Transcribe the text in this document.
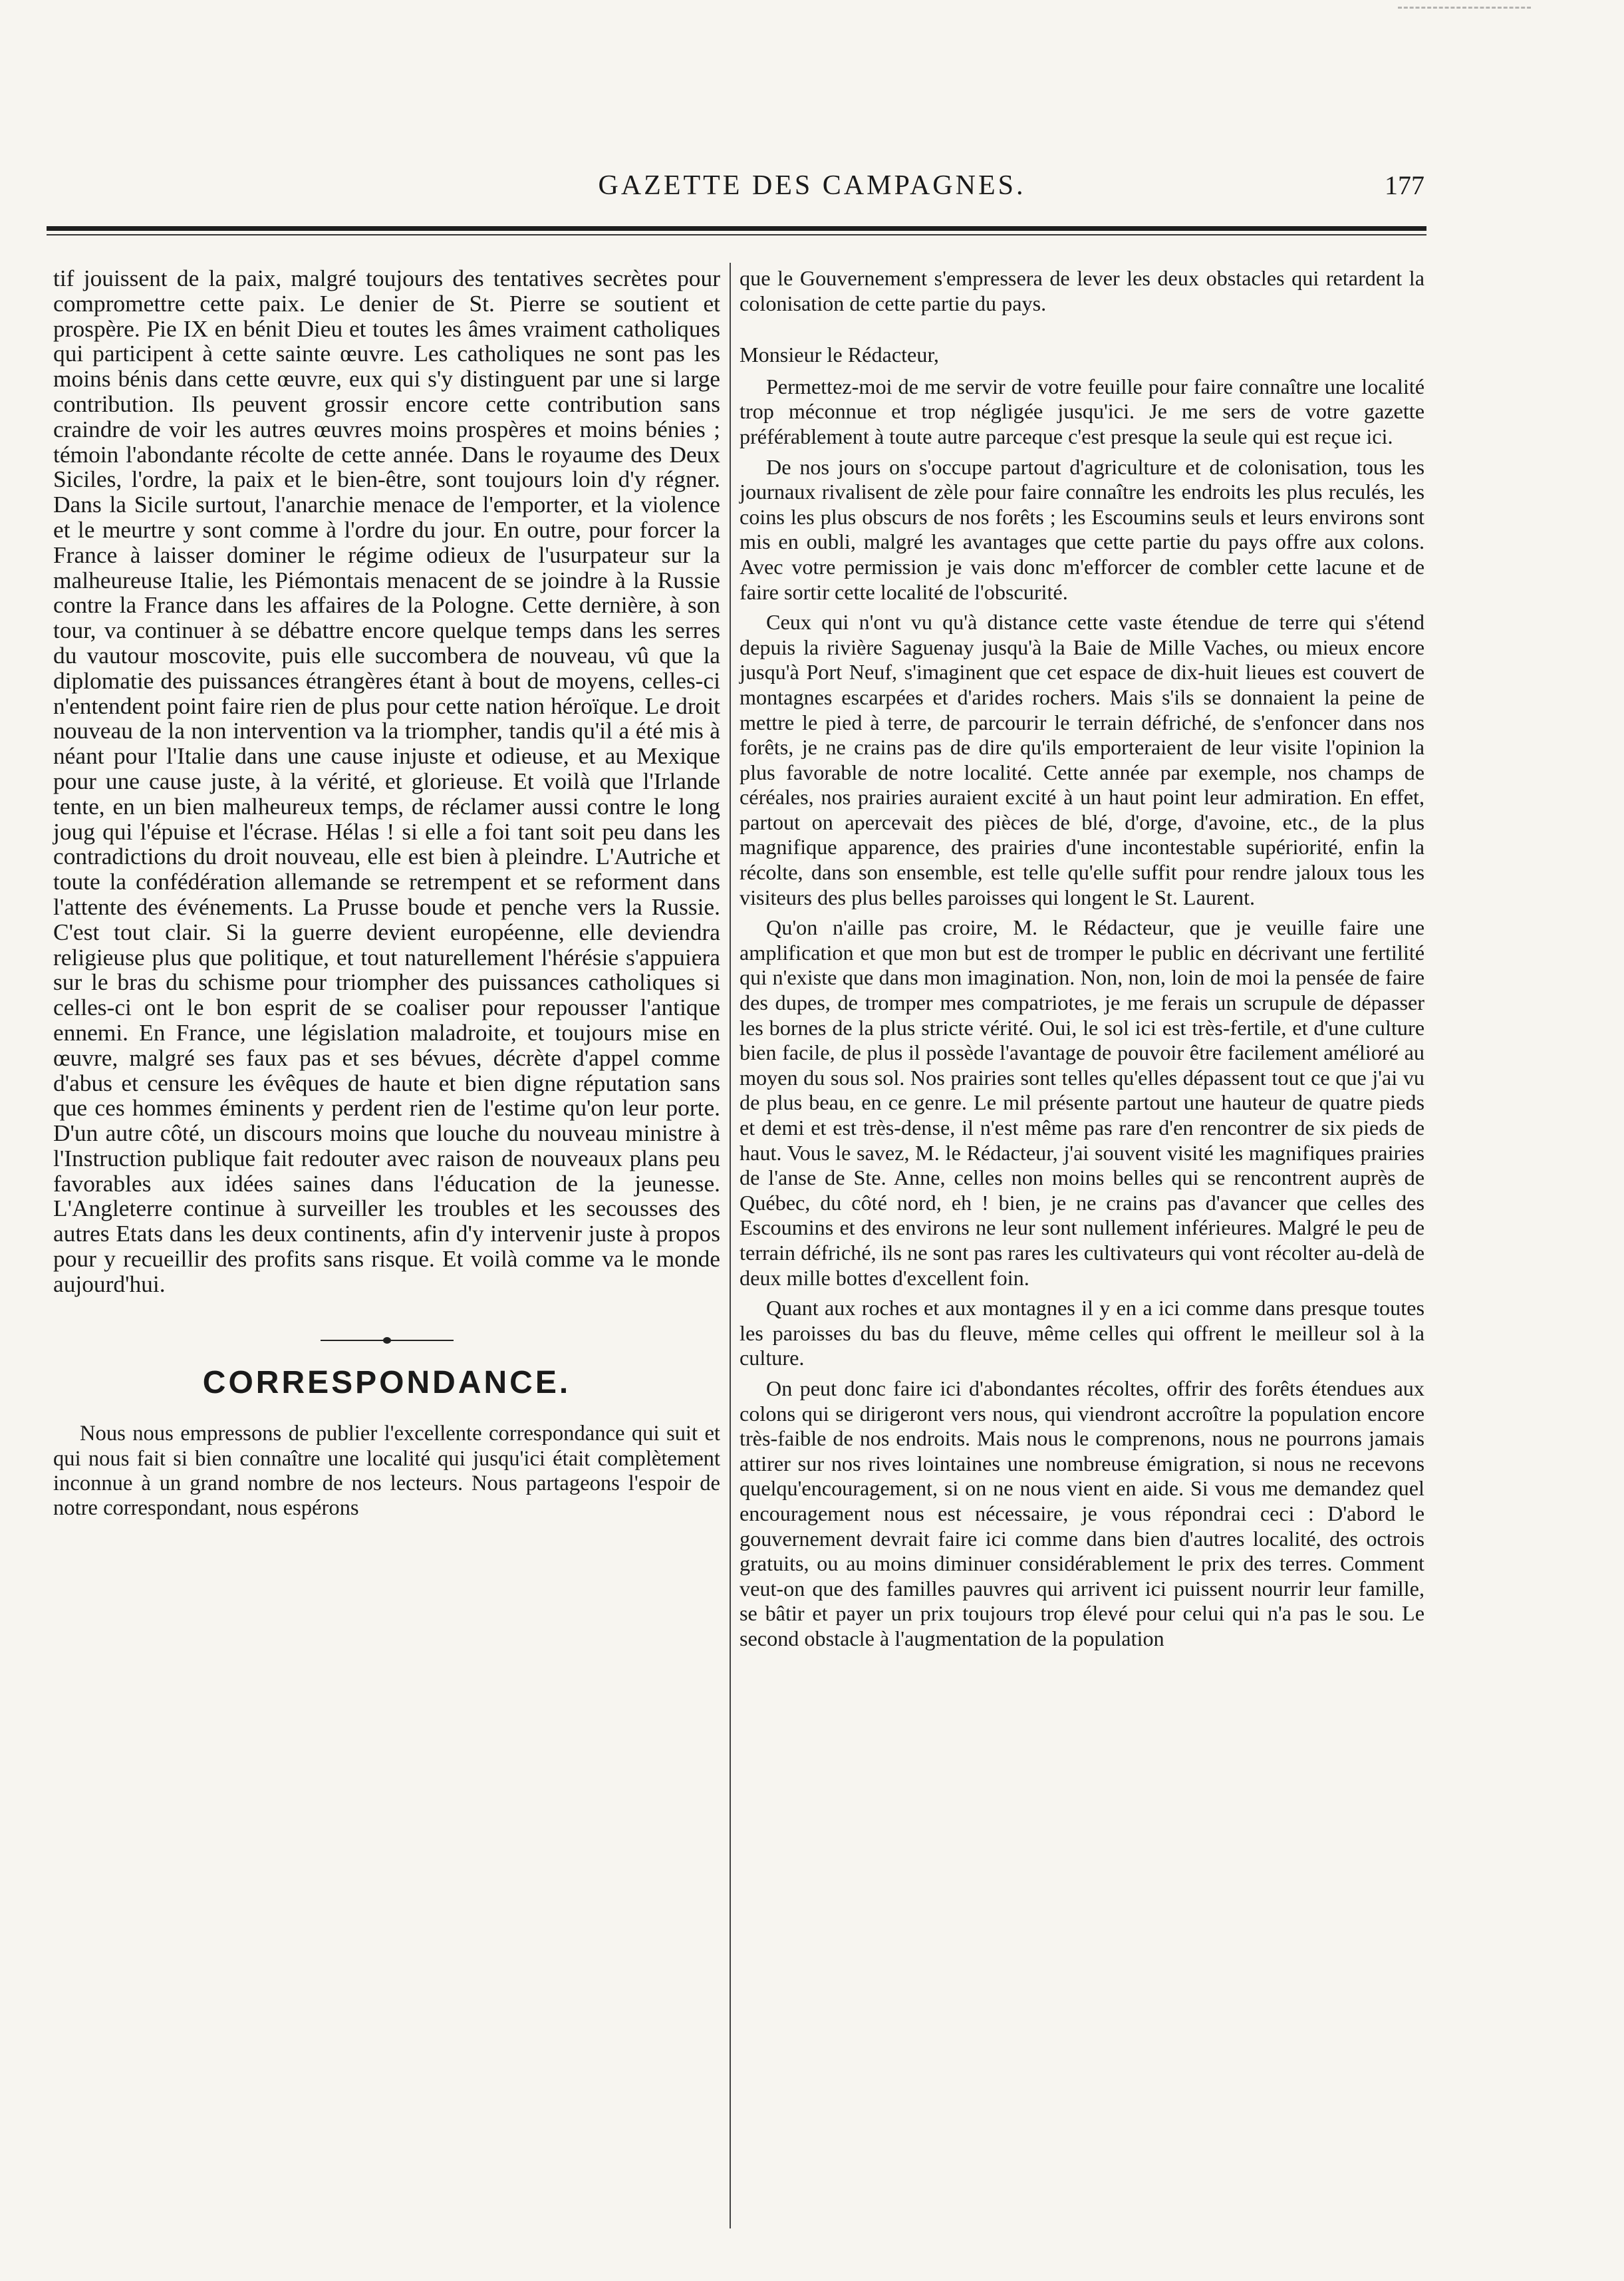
GAZETTE DES CAMPAGNES.	177

tif jouissent de la paix, malgré toujours des tentatives secrètes pour compromettre cette paix. Le denier de St. Pierre se soutient et prospère. Pie IX en bénit Dieu et toutes les âmes vraiment catholiques qui participent à cette sainte œuvre. Les catholiques ne sont pas les moins bénis dans cette œuvre, eux qui s'y distinguent par une si large contribution. Ils peuvent grossir encore cette contribution sans craindre de voir les autres œuvres moins prospères et moins bénies ; témoin l'abondante récolte de cette année. Dans le royaume des Deux Siciles, l'ordre, la paix et le bien-être, sont toujours loin d'y régner. Dans la Sicile surtout, l'anarchie menace de l'emporter, et la violence et le meurtre y sont comme à l'ordre du jour. En outre, pour forcer la France à laisser dominer le régime odieux de l'usurpateur sur la malheureuse Italie, les Piémontais menacent de se joindre à la Russie contre la France dans les affaires de la Pologne. Cette dernière, à son tour, va continuer à se débattre encore quelque temps dans les serres du vautour moscovite, puis elle succombera de nouveau, vû que la diplomatie des puissances étrangères étant à bout de moyens, celles-ci n'entendent point faire rien de plus pour cette nation héroïque. Le droit nouveau de la non intervention va la triompher, tandis qu'il a été mis à néant pour l'Italie dans une cause injuste et odieuse, et au Mexique pour une cause juste, à la vérité, et glorieuse. Et voilà que l'Irlande tente, en un bien malheureux temps, de réclamer aussi contre le long joug qui l'épuise et l'écrase. Hélas ! si elle a foi tant soit peu dans les contradictions du droit nouveau, elle est bien à pleindre. L'Autriche et toute la confédération allemande se retrempent et se reforment dans l'attente des événements. La Prusse boude et penche vers la Russie. C'est tout clair. Si la guerre devient européenne, elle deviendra religieuse plus que politique, et tout naturellement l'hérésie s'appuiera sur le bras du schisme pour triompher des puissances catholiques si celles-ci ont le bon esprit de se coaliser pour repousser l'antique ennemi. En France, une législation maladroite, et toujours mise en œuvre, malgré ses faux pas et ses bévues, décrète d'appel comme d'abus et censure les évêques de haute et bien digne réputation sans que ces hommes éminents y perdent rien de l'estime qu'on leur porte. D'un autre côté, un discours moins que louche du nouveau ministre à l'Instruction publique fait redouter avec raison de nouveaux plans peu favorables aux idées saines dans l'éducation de la jeunesse. L'Angleterre continue à surveiller les troubles et les secousses des autres Etats dans les deux continents, afin d'y intervenir juste à propos pour y recueillir des profits sans risque. Et voilà comme va le monde aujourd'hui.

CORRESPONDANCE.

Nous nous empressons de publier l'excellente correspondance qui suit et qui nous fait si bien connaître une localité qui jusqu'ici était complètement inconnue à un grand nombre de nos lecteurs. Nous partageons l'espoir de notre correspondant, nous espérons

que le Gouvernement s'empressera de lever les deux obstacles qui retardent la colonisation de cette partie du pays.

Monsieur le Rédacteur,

Permettez-moi de me servir de votre feuille pour faire connaître une localité trop méconnue et trop négligée jusqu'ici. Je me sers de votre gazette préférablement à toute autre parceque c'est presque la seule qui est reçue ici.

De nos jours on s'occupe partout d'agriculture et de colonisation, tous les journaux rivalisent de zèle pour faire connaître les endroits les plus reculés, les coins les plus obscurs de nos forêts ; les Escoumins seuls et leurs environs sont mis en oubli, malgré les avantages que cette partie du pays offre aux colons. Avec votre permission je vais donc m'efforcer de combler cette lacune et de faire sortir cette localité de l'obscurité.

Ceux qui n'ont vu qu'à distance cette vaste étendue de terre qui s'étend depuis la rivière Saguenay jusqu'à la Baie de Mille Vaches, ou mieux encore jusqu'à Port Neuf, s'imaginent que cet espace de dix-huit lieues est couvert de montagnes escarpées et d'arides rochers. Mais s'ils se donnaient la peine de mettre le pied à terre, de parcourir le terrain défriché, de s'enfoncer dans nos forêts, je ne crains pas de dire qu'ils emporteraient de leur visite l'opinion la plus favorable de notre localité. Cette année par exemple, nos champs de céréales, nos prairies auraient excité à un haut point leur admiration. En effet, partout on apercevait des pièces de blé, d'orge, d'avoine, etc., de la plus magnifique apparence, des prairies d'une incontestable supériorité, enfin la récolte, dans son ensemble, est telle qu'elle suffit pour rendre jaloux tous les visiteurs des plus belles paroisses qui longent le St. Laurent.

Qu'on n'aille pas croire, M. le Rédacteur, que je veuille faire une amplification et que mon but est de tromper le public en décrivant une fertilité qui n'existe que dans mon imagination. Non, non, loin de moi la pensée de faire des dupes, de tromper mes compatriotes, je me ferais un scrupule de dépasser les bornes de la plus stricte vérité. Oui, le sol ici est très-fertile, et d'une culture bien facile, de plus il possède l'avantage de pouvoir être facilement amélioré au moyen du sous sol. Nos prairies sont telles qu'elles dépassent tout ce que j'ai vu de plus beau, en ce genre. Le mil présente partout une hauteur de quatre pieds et demi et est très-dense, il n'est même pas rare d'en rencontrer de six pieds de haut. Vous le savez, M. le Rédacteur, j'ai souvent visité les magnifiques prairies de l'anse de Ste. Anne, celles non moins belles qui se rencontrent auprès de Québec, du côté nord, eh ! bien, je ne crains pas d'avancer que celles des Escoumins et des environs ne leur sont nullement inférieures. Malgré le peu de terrain défriché, ils ne sont pas rares les cultivateurs qui vont récolter au-delà de deux mille bottes d'excellent foin.

Quant aux roches et aux montagnes il y en a ici comme dans presque toutes les paroisses du bas du fleuve, même celles qui offrent le meilleur sol à la culture.

On peut donc faire ici d'abondantes récoltes, offrir des forêts étendues aux colons qui se dirigeront vers nous, qui viendront accroître la population encore très-faible de nos endroits. Mais nous le comprenons, nous ne pourrons jamais attirer sur nos rives lointaines une nombreuse émigration, si nous ne recevons quelqu'encouragement, si on ne nous vient en aide. Si vous me demandez quel encouragement nous est nécessaire, je vous répondrai ceci : D'abord le gouvernement devrait faire ici comme dans bien d'autres localité, des octrois gratuits, ou au moins diminuer considérablement le prix des terres. Comment veut-on que des familles pauvres qui arrivent ici puissent nourrir leur famille, se bâtir et payer un prix toujours trop élevé pour celui qui n'a pas le sou. Le second obstacle à l'augmentation de la population
